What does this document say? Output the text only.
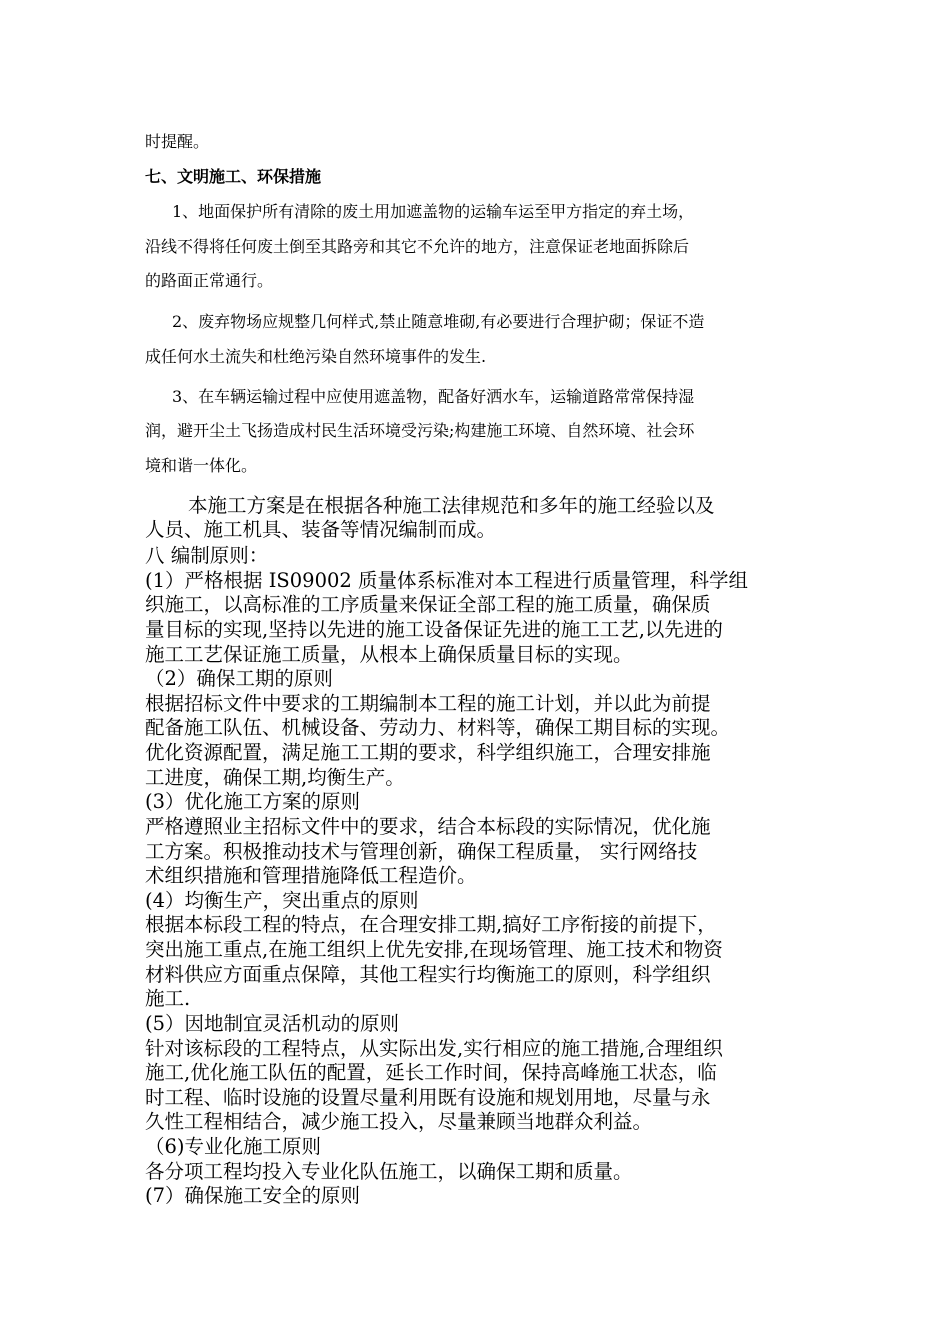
时提醒。
七、文明施工、环保措施
1、地面保护所有清除的废土用加遮盖物的运输车运至甲方指定的弃土场，
沿线不得将任何废土倒至其路旁和其它不允许的地方，注意保证老地面拆除后
的路面正常通行。
2、废弃物场应规整几何样式,禁止随意堆砌,有必要进行合理护砌；保证不造
成任何水土流失和杜绝污染自然环境事件的发生.
3、在车辆运输过程中应使用遮盖物，配备好洒水车，运输道路常常保持湿
润，避开尘土飞扬造成村民生活环境受污染;构建施工环境、自然环境、社会环
境和谐一体化。
本施工方案是在根据各种施工法律规范和多年的施工经验以及
人员、施工机具、装备等情况编制而成。
八 编制原则：
(1）严格根据 IS09002 质量体系标准对本工程进行质量管理，科学组
织施工，以高标准的工序质量来保证全部工程的施工质量，确保质
量目标的实现,坚持以先进的施工设备保证先进的施工工艺,以先进的
施工工艺保证施工质量，从根本上确保质量目标的实现。
（2）确保工期的原则
根据招标文件中要求的工期编制本工程的施工计划，并以此为前提
配备施工队伍、机械设备、劳动力、材料等，确保工期目标的实现。
优化资源配置，满足施工工期的要求，科学组织施工，合理安排施
工进度，确保工期,均衡生产。
(3）优化施工方案的原则
严格遵照业主招标文件中的要求，结合本标段的实际情况，优化施
工方案。积极推动技术与管理创新，确保工程质量， 实行网络技
术组织措施和管理措施降低工程造价。
(4）均衡生产，突出重点的原则
根据本标段工程的特点，在合理安排工期,搞好工序衔接的前提下，
突出施工重点,在施工组织上优先安排,在现场管理、施工技术和物资
材料供应方面重点保障，其他工程实行均衡施工的原则，科学组织
施工.
(5）因地制宜灵活机动的原则
针对该标段的工程特点，从实际出发,实行相应的施工措施,合理组织
施工,优化施工队伍的配置，延长工作时间，保持高峰施工状态，临
时工程、临时设施的设置尽量利用既有设施和规划用地，尽量与永
久性工程相结合，减少施工投入，尽量兼顾当地群众利益。
（6)专业化施工原则
各分项工程均投入专业化队伍施工，以确保工期和质量。
(7）确保施工安全的原则
